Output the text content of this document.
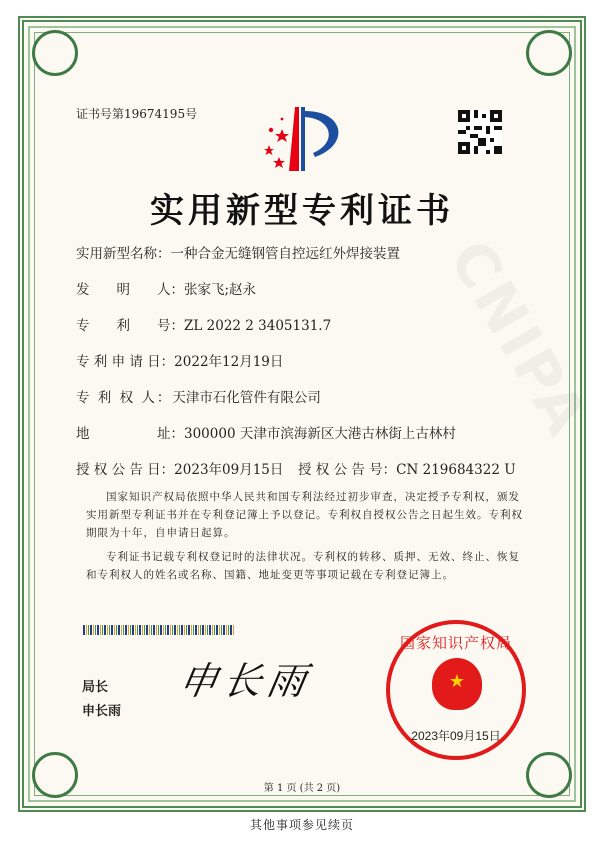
证书号第19674195号
实用新型专利证书
实用新型名称：一种合金无缝钢管自控远红外焊接装置
发　　明　　人：张家飞;赵永
专　　利　　号：ZL 2022 2 3405131.7
专 利 申 请 日：2022年12月19日
专 利 权 人：天津市石化管件有限公司
地　　　　　址：300000 天津市滨海新区大港古林街上古林村
授 权 公 告 日：2023年09月15日 授 权 公 告 号：CN 219684322 U

国家知识产权局依照中华人民共和国专利法经过初步审查，决定授予专利权，颁发实用新型专利证书并在专利登记簿上予以登记。专利权自授权公告之日起生效。专利权期限为十年，自申请日起算。

专利证书记载专利权登记时的法律状况。专利权的转移、质押、无效、终止、恢复和专利权人的姓名或名称、国籍、地址变更等事项记载在专利登记簿上。

局长
申长雨
申长雨
国家知识产权局
★
2023年09月15日
第 1 页 (共 2 页)
其他事项参见续页
